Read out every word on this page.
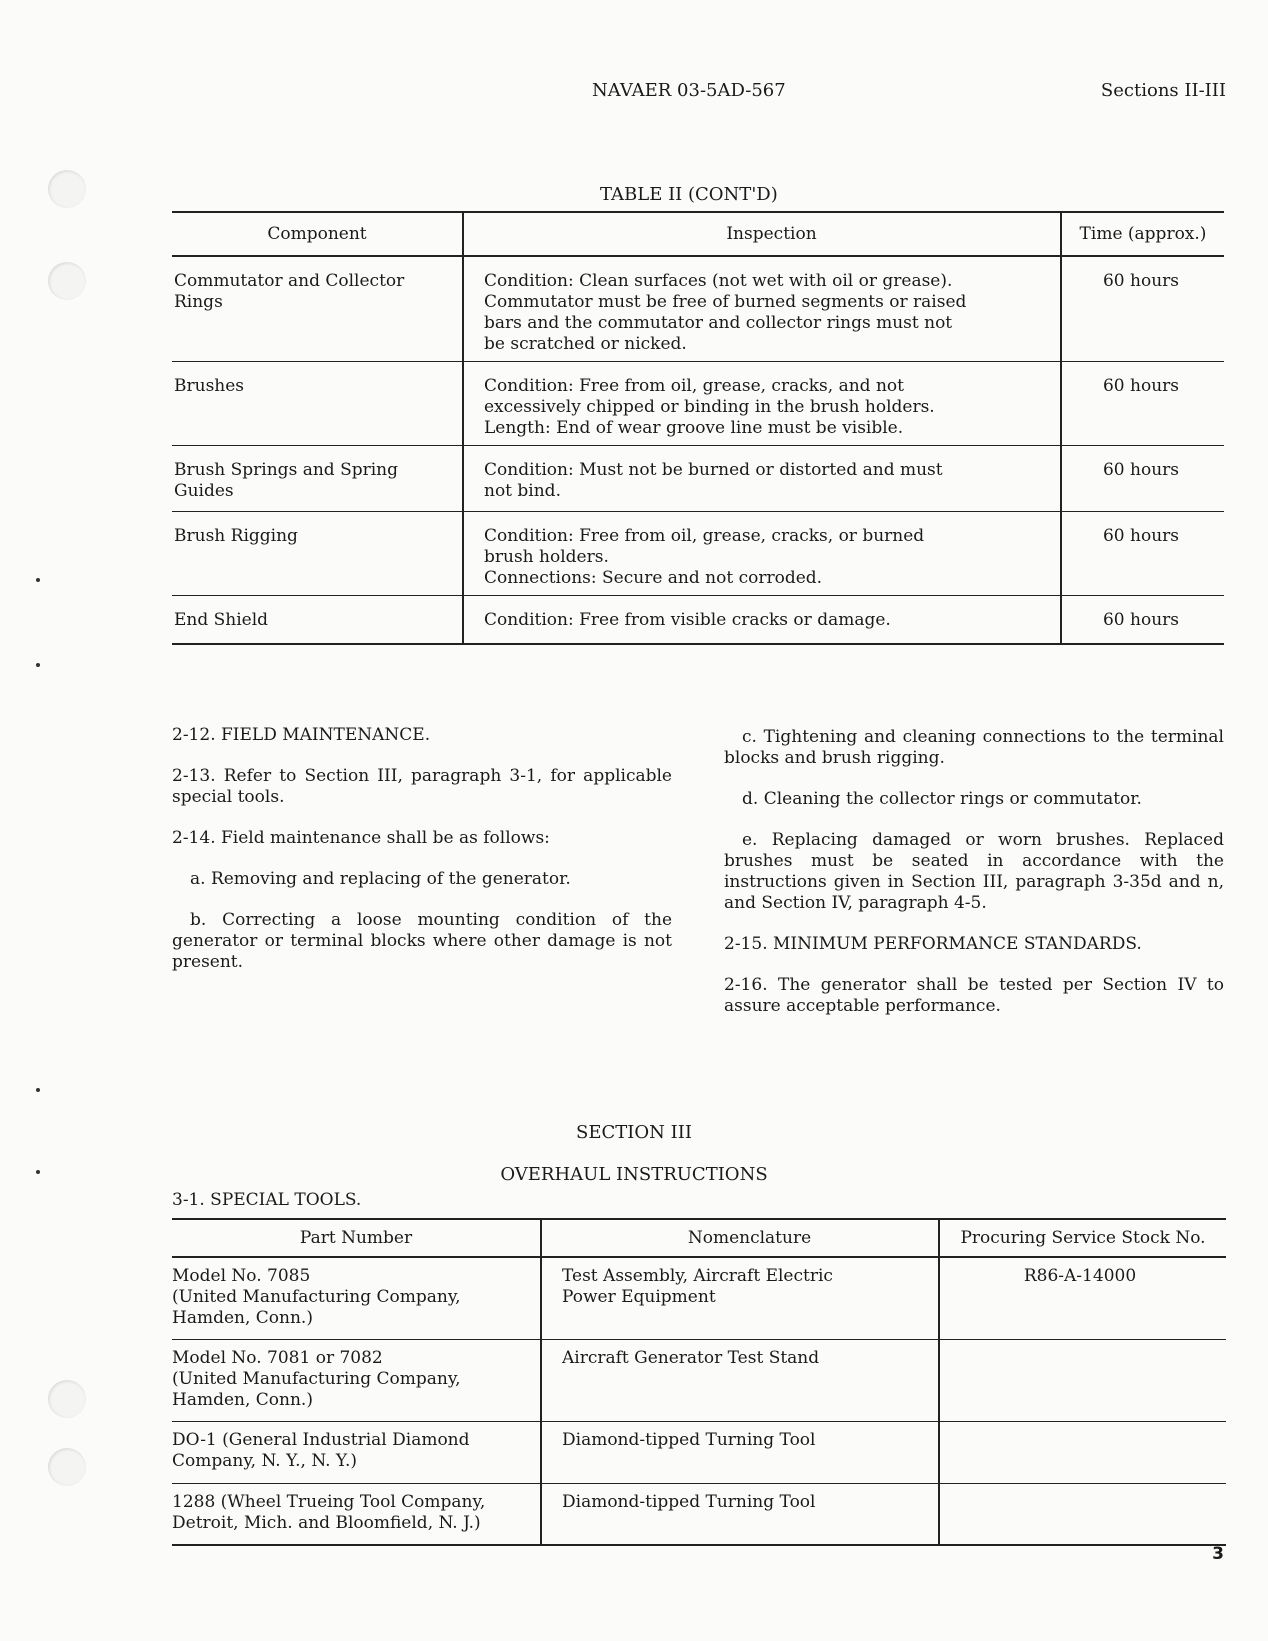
NAVAER 03-5AD-567	Sections II-III
TABLE II (CONT'D)
Component	Inspection	Time (approx.)
Commutator and Collector
Rings	Condition: Clean surfaces (not wet with oil or grease).
Commutator must be free of burned segments or raised
bars and the commutator and collector rings must not
be scratched or nicked.	60 hours
Brushes	Condition: Free from oil, grease, cracks, and not
excessively chipped or binding in the brush holders.
Length: End of wear groove line must be visible.	60 hours
Brush Springs and Spring
Guides	Condition: Must not be burned or distorted and must
not bind.	60 hours
Brush Rigging	Condition: Free from oil, grease, cracks, or burned
brush holders.
Connections: Secure and not corroded.	60 hours
End Shield	Condition: Free from visible cracks or damage.	60 hours

2-12. FIELD MAINTENANCE.

2-13. Refer to Section III, paragraph 3-1, for applicable special tools.

2-14. Field maintenance shall be as follows:

a. Removing and replacing of the generator.

b. Correcting a loose mounting condition of the generator or terminal blocks where other damage is not present.

c. Tightening and cleaning connections to the terminal blocks and brush rigging.

d. Cleaning the collector rings or commutator.

e. Replacing damaged or worn brushes. Replaced brushes must be seated in accordance with the instructions given in Section III, paragraph 3-35d and n, and Section IV, paragraph 4-5.

2-15. MINIMUM PERFORMANCE STANDARDS.

2-16. The generator shall be tested per Section IV to assure acceptable performance.

SECTION III
OVERHAUL INSTRUCTIONS
3-1. SPECIAL TOOLS.
Part Number	Nomenclature	Procuring Service Stock No.
Model No. 7085
(United Manufacturing Company,
Hamden, Conn.)	Test Assembly, Aircraft Electric
Power Equipment	R86-A-14000
Model No. 7081 or 7082
(United Manufacturing Company,
Hamden, Conn.)	Aircraft Generator Test Stand	
DO-1 (General Industrial Diamond
Company, N. Y., N. Y.)	Diamond-tipped Turning Tool	
1288 (Wheel Trueing Tool Company,
Detroit, Mich. and Bloomfield, N. J.)	Diamond-tipped Turning Tool	
3
